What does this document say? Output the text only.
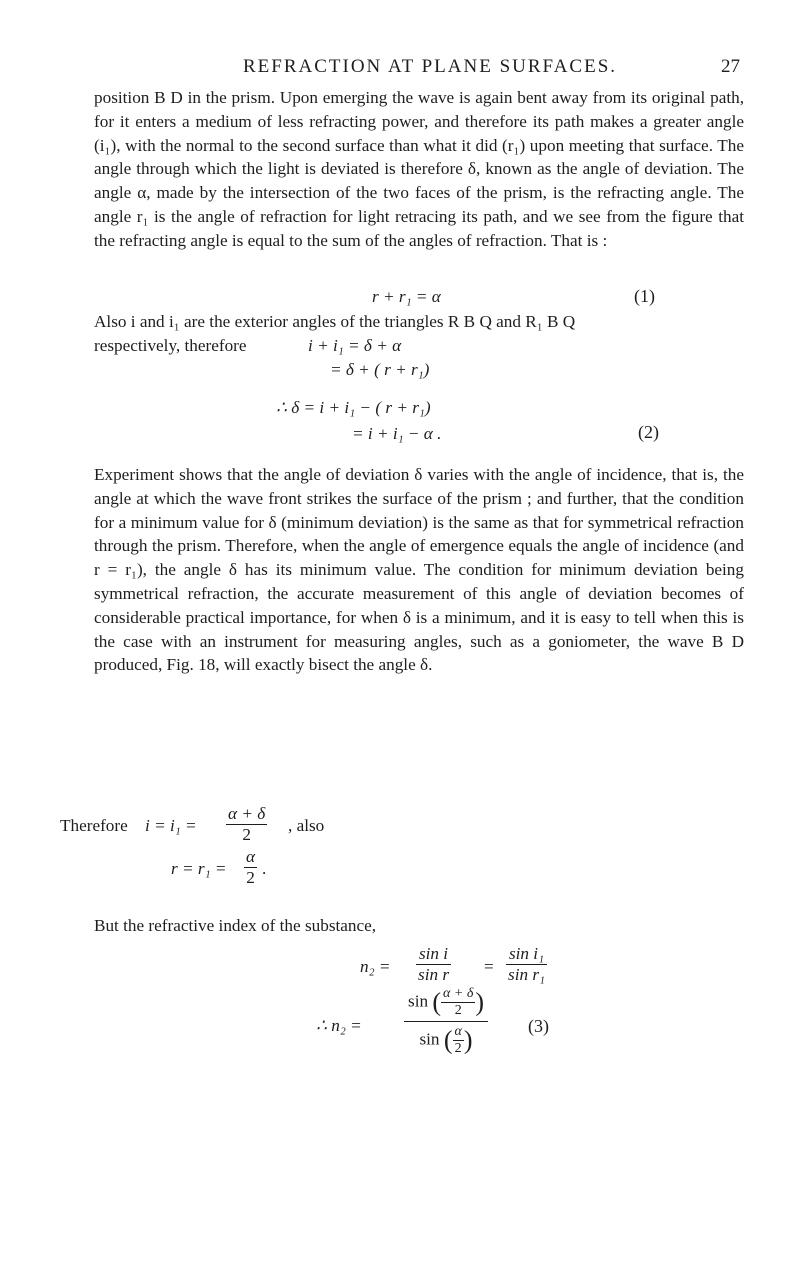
REFRACTION AT PLANE SURFACES.	27
position B D in the prism. Upon emerging the wave is again bent away from its original path, for it enters a medium of less refracting power, and therefore its path makes a greater angle (i₁), with the normal to the second surface than what it did (r₁) upon meeting that surface. The angle through which the light is deviated is therefore δ, known as the angle of deviation. The angle α, made by the intersection of the two faces of the prism, is the refracting angle. The angle r₁ is the angle of refraction for light retracing its path, and we see from the figure that the refracting angle is equal to the sum of the angles of refraction. That is :
r + r₁ = α	(1)
Also i and i₁ are the exterior angles of the triangles R B Q and R₁ B Q
respectively, therefore	i + i₁ = δ + α
= δ + ( r + r₁)
∴ δ = i + i₁ − ( r + r₁)
= i + i₁ − α .	(2)
Experiment shows that the angle of deviation δ varies with the angle of incidence, that is, the angle at which the wave front strikes the surface of the prism ; and further, that the condition for a minimum value for δ (minimum deviation) is the same as that for symmetrical refraction through the prism. Therefore, when the angle of emergence equals the angle of incidence (and r = r₁), the angle δ has its minimum value. The condition for minimum deviation being symmetrical refraction, the accurate measurement of this angle of deviation becomes of considerable practical importance, for when δ is a minimum, and it is easy to tell when this is the case with an instrument for measuring angles, such as a goniometer, the wave B D produced, Fig. 18, will exactly bisect the angle δ.
Therefore $i = i_1 = \frac{\alpha + \delta}{2}$ , also
$r = r_1 = \frac{\alpha}{2}$ .
But the refractive index of the substance,
$n_2 = \frac{\text{sin i}}{\text{sin r}} = \frac{\text{sin i₁}}{\text{sin r₁}}$
∴ $n_2 = \frac{\sin ( \frac{\alpha + \delta}{2} )}{\sin ( \frac{\alpha}{2} )} (3)$
